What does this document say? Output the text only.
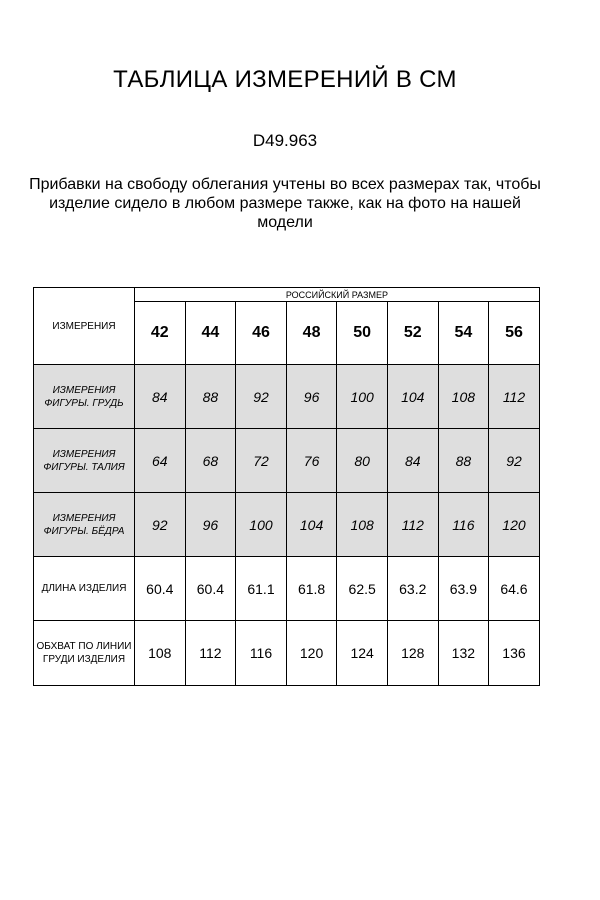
ТАБЛИЦА ИЗМЕРЕНИЙ В СМ
D49.963
Прибавки на свободу облегания учтены во всех размерах так, чтобы изделие сидело в любом размере также, как на фото на нашей модели
ИЗМЕРЕНИЯ	РОССИЙСКИЙ РАЗМЕР							
	42	44	46	48	50	52	54	56
ИЗМЕРЕНИЯ ФИГУРЫ. ГРУДЬ	84	88	92	96	100	104	108	112
ИЗМЕРЕНИЯ ФИГУРЫ. ТАЛИЯ	64	68	72	76	80	84	88	92
ИЗМЕРЕНИЯ ФИГУРЫ. БЁДРА	92	96	100	104	108	112	116	120
ДЛИНА ИЗДЕЛИЯ	60.4	60.4	61.1	61.8	62.5	63.2	63.9	64.6
ОБХВАТ ПО ЛИНИИ ГРУДИ ИЗДЕЛИЯ	108	112	116	120	124	128	132	136
